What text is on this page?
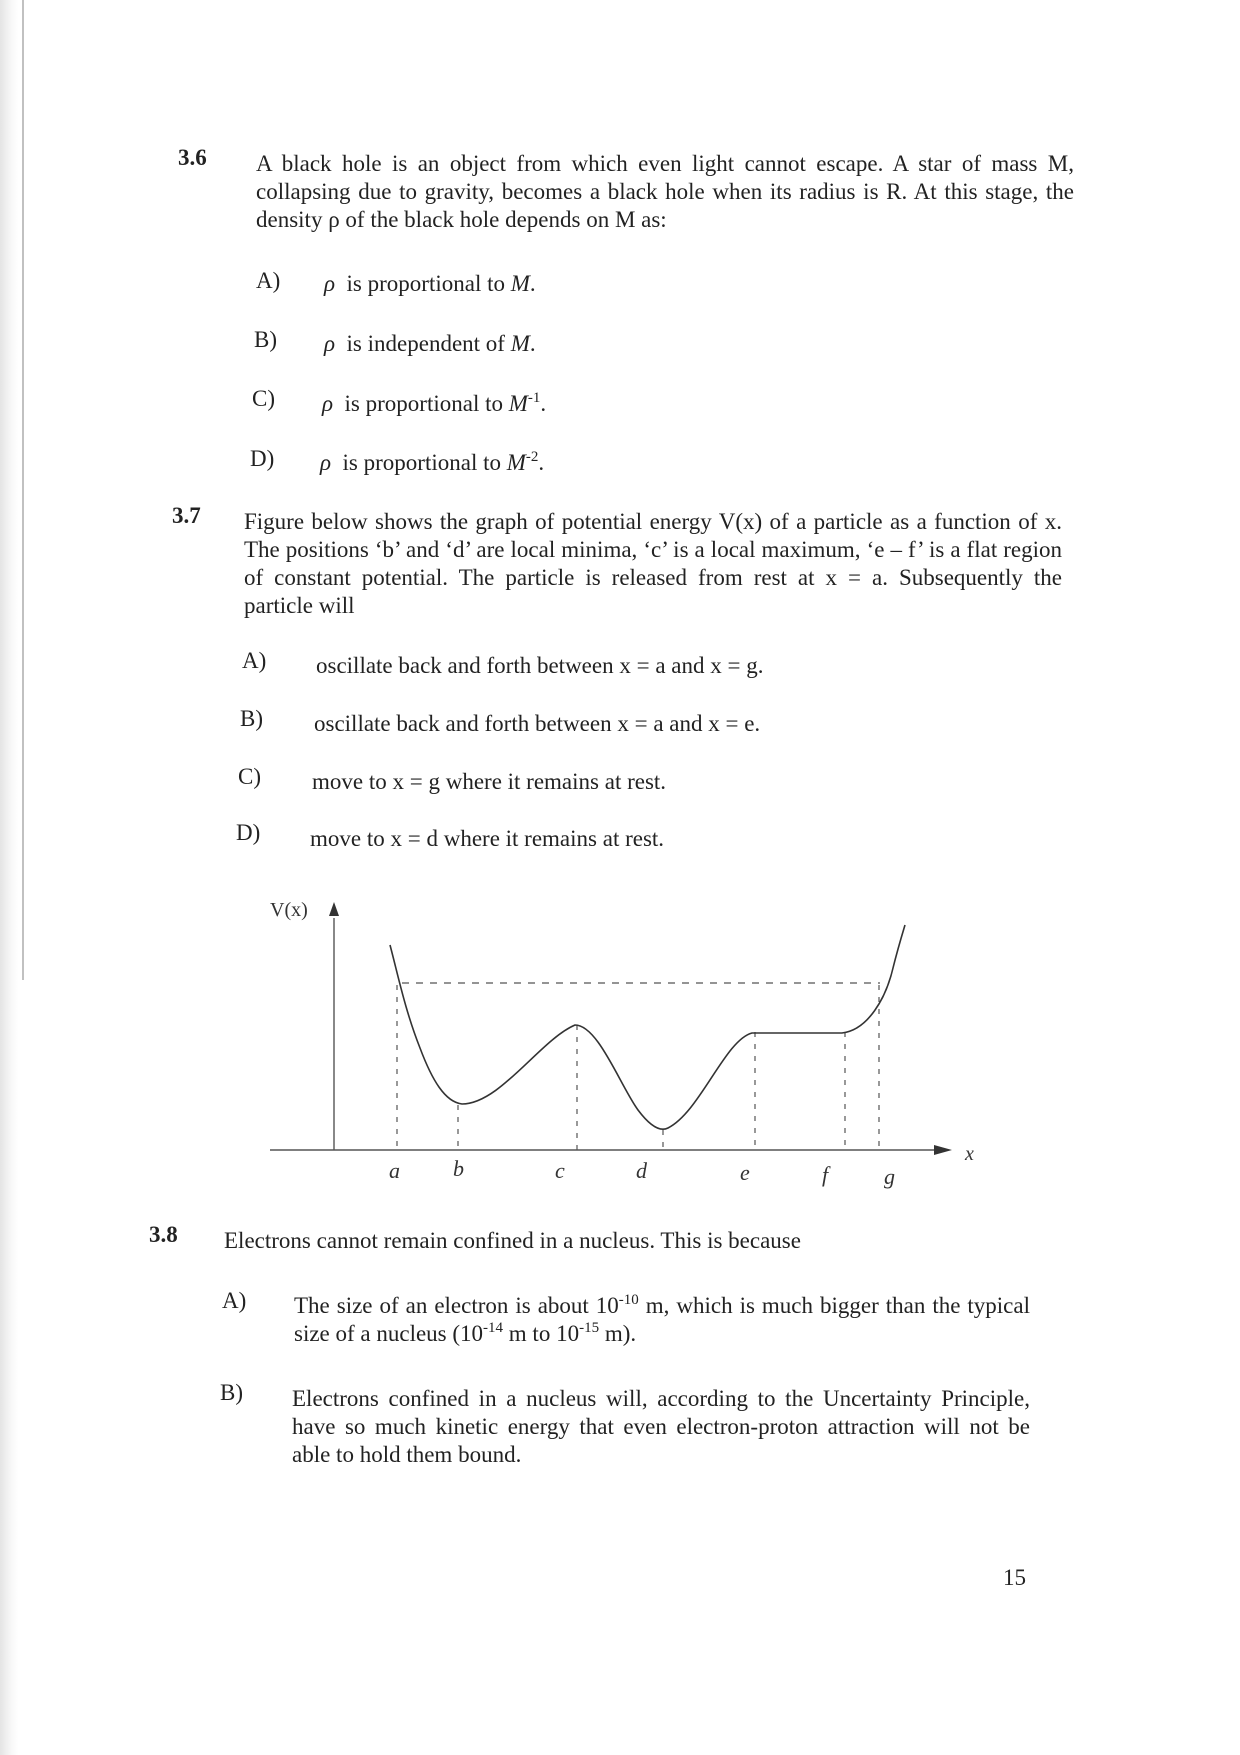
3.6 A black hole is an object from which even light cannot escape. A star of mass M, collapsing due to gravity, becomes a black hole when its radius is R. At this stage, the density ρ of the black hole depends on M as:
A) ρ is proportional to M.
B) ρ is independent of M.
C) ρ is proportional to $M^{-1}$.
D) ρ is proportional to $M^{-2}$.
3.7 Figure below shows the graph of potential energy V(x) of a particle as a function of x. The positions ‘b’ and ‘d’ are local minima, ‘c’ is a local maximum, ‘e – f’ is a flat region of constant potential. The particle is released from rest at x = a. Subsequently the particle will
A) oscillate back and forth between x = a and x = g.
B) oscillate back and forth between x = a and x = e.
C) move to x = g where it remains at rest.
D) move to x = d where it remains at rest.
V(x)
x
a b	c	d	e	f	g
3.8 Electrons cannot remain confined in a nucleus. This is because
A) The size of an electron is about $10^{-10}$ m, which is much bigger than the typical size of a nucleus ($10^{-14}$ m to $10^{-15}$ m).
B) Electrons confined in a nucleus will, according to the Uncertainty Principle, have so much kinetic energy that even electron-proton attraction will not be able to hold them bound.
15
